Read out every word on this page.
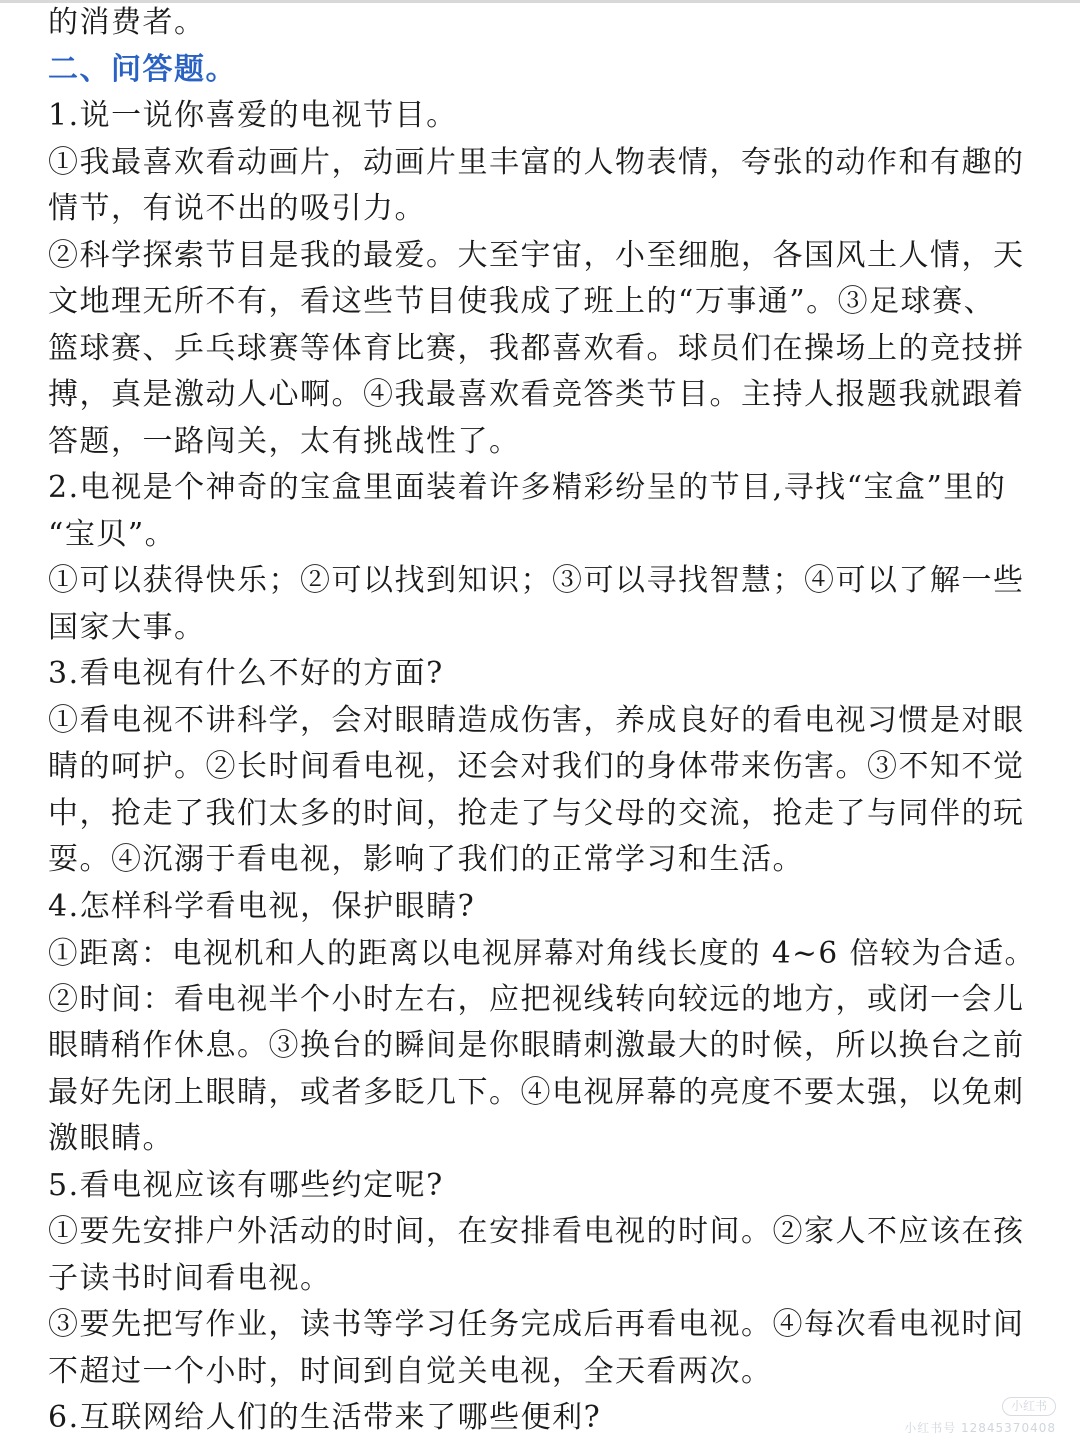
的消费者。
二、问答题。
1.说一说你喜爱的电视节目。
①我最喜欢看动画片，动画片里丰富的人物表情，夸张的动作和有趣的
情节，有说不出的吸引力。
②科学探索节目是我的最爱。大至宇宙，小至细胞，各国风土人情，天
文地理无所不有，看这些节目使我成了班上的“万事通”。③足球赛、
篮球赛、乒乓球赛等体育比赛，我都喜欢看。球员们在操场上的竞技拼
搏，真是激动人心啊。④我最喜欢看竞答类节目。主持人报题我就跟着
答题，一路闯关，太有挑战性了。
2.电视是个神奇的宝盒里面装着许多精彩纷呈的节目,寻找“宝盒”里的
“宝贝”。
①可以获得快乐；②可以找到知识；③可以寻找智慧；④可以了解一些
国家大事。
3.看电视有什么不好的方面?
①看电视不讲科学，会对眼睛造成伤害，养成良好的看电视习惯是对眼
睛的呵护。②长时间看电视，还会对我们的身体带来伤害。③不知不觉
中，抢走了我们太多的时间，抢走了与父母的交流，抢走了与同伴的玩
耍。④沉溺于看电视，影响了我们的正常学习和生活。
4.怎样科学看电视，保护眼睛?
①距离：电视机和人的距离以电视屏幕对角线长度的 4~6 倍较为合适。
②时间：看电视半个小时左右，应把视线转向较远的地方，或闭一会儿
眼睛稍作休息。③换台的瞬间是你眼睛刺激最大的时候，所以换台之前
最好先闭上眼睛，或者多眨几下。④电视屏幕的亮度不要太强，以免刺
激眼睛。
5.看电视应该有哪些约定呢?
①要先安排户外活动的时间，在安排看电视的时间。②家人不应该在孩
子读书时间看电视。
③要先把写作业，读书等学习任务完成后再看电视。④每次看电视时间
不超过一个小时，时间到自觉关电视，全天看两次。
6.互联网给人们的生活带来了哪些便利?	小红书
小红书号 12845370408
